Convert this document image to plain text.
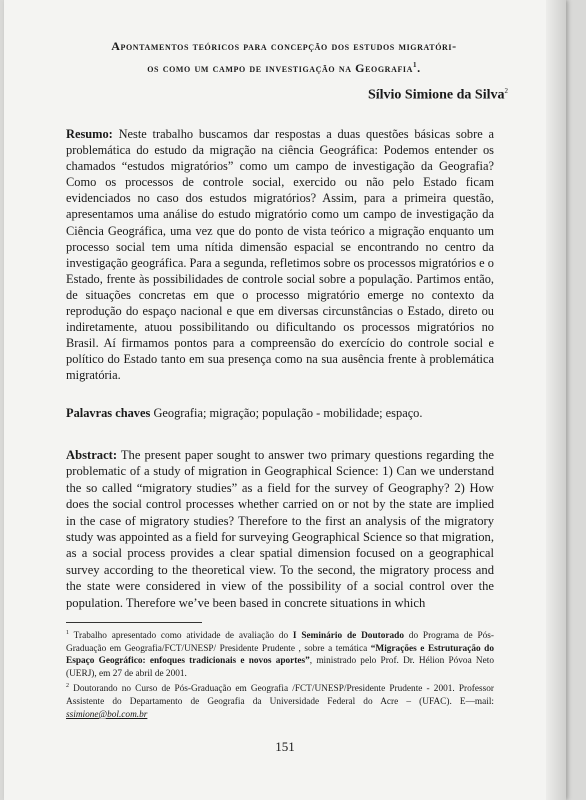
Apontamentos teóricos para concepção dos estudos migratóri-
os como um campo de investigação na Geografia$^1$.
Sílvio Simione da Silva$^2$

Resumo: Neste trabalho buscamos dar respostas a duas questões básicas sobre a problemática do estudo da migração na ciência Geográfica: Podemos entender os chamados “estudos migratórios” como um campo de investigação da Geografia? Como os processos de controle social, exercido ou não pelo Estado ficam evidenciados no caso dos estudos migratórios? Assim, para a primeira questão, apresentamos uma análise do estudo migratório como um campo de investigação da Ciência Geográfica, uma vez que do ponto de vista teórico a migração enquanto um processo social tem uma nítida dimensão espacial se encontrando no centro da investigação geográfica. Para a segunda, refletimos sobre os processos migratórios e o Estado, frente às possibilidades de controle social sobre a população. Partimos então, de situações concretas em que o processo migratório emerge no contexto da reprodução do espaço nacional e que em diversas circunstâncias o Estado, direto ou indiretamente, atuou possibilitando ou dificultando os processos migratórios no Brasil. Aí firmamos pontos para a compreensão do exercício do controle social e político do Estado tanto em sua presença como na sua ausência frente à problemática migratória.

Palavras chaves Geografia; migração; população - mobilidade; espaço.

Abstract: The present paper sought to answer two primary questions regarding the problematic of a study of migration in Geographical Science: 1) Can we understand the so called “migratory studies” as a field for the survey of Geography? 2) How does the social control processes whether carried on or not by the state are implied in the case of migratory studies? Therefore to the first an analysis of the migratory study was appointed as a field for surveying Geographical Science so that migration, as a social process provides a clear spatial dimension focused on a geographical survey according to the theoretical view. To the second, the migratory process and the state were considered in view of the possibility of a social control over the population. Therefore we’ve been based in concrete situations in which

$^1$ Trabalho apresentado como atividade de avaliação do I Seminário de Doutorado do Programa de Pós-Graduação em Geografia/FCT/UNESP/ Presidente Prudente , sobre a temática “Migrações e Estruturação do Espaço Geográfico: enfoques tradicionais e novos aportes”, ministrado pelo Prof. Dr. Hélion Póvoa Neto (UERJ), em 27 de abril de 2001.

$^2$ Doutorando no Curso de Pós-Graduação em Geografia /FCT/UNESP/Presidente Prudente - 2001. Professor Assistente do Departamento de Geografia da Universidade Federal do Acre – (UFAC). E—mail: ssimione@bol.com.br

151
